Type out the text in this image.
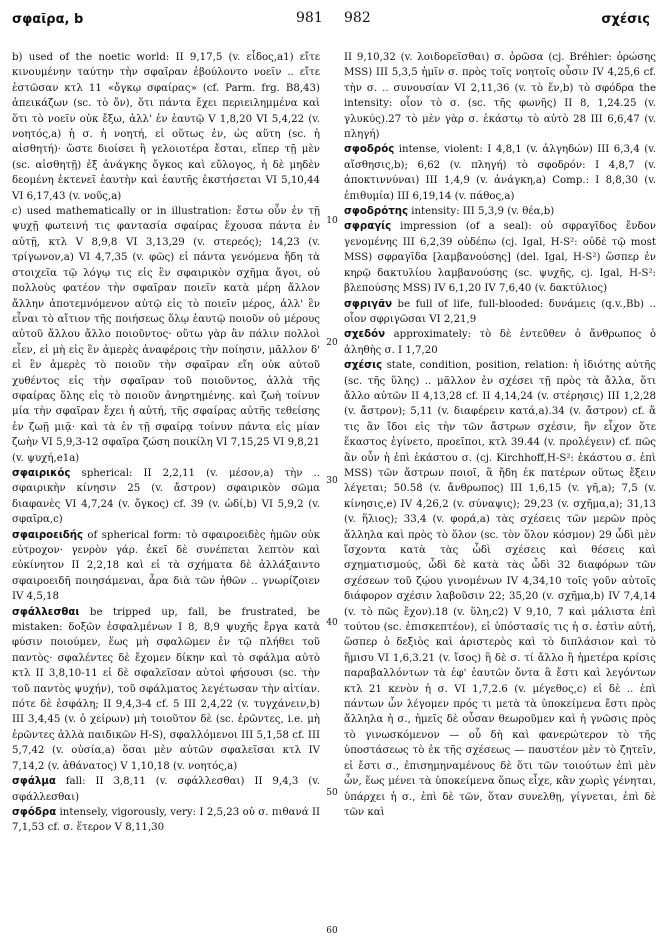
σφαῖρα, b	981 982	σχέσις
10
20
30
40
50
60

b) used of the noetic world: II 9,17,5 (v. εἶδος,a1) εἴτε κινουμένην ταύτην τὴν σφαῖραν ἐβούλοντο νοεῖν .. εἴτε ἑστῶσαν κτλ 11 «ὄγκῳ σφαίρας» (cf. Parm. frg. B8,43) ἀπεικάζων (sc. τὸ ὄν), ὅτι πάντα ἔχει περιειλημμένα καὶ ὅτι τὸ νοεῖν οὐκ ἔξω, ἀλλ' ἐν ἑαυτῷ V 1,8,20 VI 5,4,22 (v. νοητός,a) ἡ σ. ἡ νοητή, εἰ οὕτως ἐν, ὡς αὕτη (sc. ἡ αἰσθητή)· ὥστε διοίσει ἢ γελοιοτέρα ἔσται, εἴπερ τῇ μὲν (sc. αἰσθητῇ) ἐξ ἀνάγκης ὄγκος καὶ εὔλογος, ἡ δὲ μηδὲν δεομένη ἐκτενεῖ ἑαυτὴν καὶ ἑαυτῆς ἐκστήσεται VI 5,10,44 VI 6,17,43 (v. νοῦς,a)

c) used mathematically or in illustration: ἔστω οὖν ἐν τῇ ψυχῇ φωτεινή τις φαντασία σφαίρας ἔχουσα πάντα ἐν αὐτῇ, κτλ V 8,9,8 VI 3,13,29 (v. στερεός); 14,23 (v. τρίγωνον,a) VI 4,7,35 (v. φῶς) εἰ πάντα γενόμενα ἤδη τὰ στοιχεῖα τῷ λόγῳ τις εἰς ἓν σφαιρικὸν σχῆμα ἄγοι, οὐ πολλοὺς φατέον τὴν σφαῖραν ποιεῖν κατὰ μέρη ἄλλον ἄλλην ἀποτεμνόμενον αὐτῷ εἰς τὸ ποιεῖν μέρος, ἀλλ' ἓν εἶναι τὸ αἴτιον τῆς ποιήσεως ὅλῳ ἑαυτῷ ποιοῦν οὐ μέρους αὐτοῦ ἄλλου ἄλλο ποιοῦντος· οὕτω γὰρ ἂν πάλιν πολλοὶ εἶεν, εἰ μὴ εἰς ἓν ἀμερὲς ἀναφέροις τὴν ποίησιν, μᾶλλον δ' εἰ ἓν ἀμερὲς τὸ ποιοῦν τὴν σφαῖραν εἴη οὐκ αὐτοῦ χυθέντος εἰς τὴν σφαῖραν τοῦ ποιοῦντος, ἀλλὰ τῆς σφαίρας ὅλης εἰς τὸ ποιοῦν ἀνηρτημένης. καὶ ζωὴ τοίνυν μία τὴν σφαῖραν ἔχει ἡ αὐτή, τῆς σφαίρας αὐτῆς τεθείσης ἐν ζωῇ μιᾷ· καὶ τὰ ἐν τῇ σφαίρᾳ τοίνυν πάντα εἰς μίαν ζωὴν VI 5,9,3-12 σφαῖρα ζώση ποικίλη VI 7,15,25 VI 9,8,21 (v. ψυχή,e1a)

σφαιρικός spherical: II 2,2,11 (v. μέσον,a) τὴν .. σφαιρικὴν κίνησιν 25 (v. ἄστρον) σφαιρικὸν σῶμα διαφανὲς VI 4,7,24 (v. ὄγκος) cf. 39 (v. ὠδί,b) VI 5,9,2 (v. σφαῖρα,c)

σφαιροειδής of spherical form: τὸ σφαιροειδὲς ἡμῶν οὐκ εὐτροχον· γενρὸν γάρ. ἐκεῖ δὲ συνέπεται λεπτὸν καὶ εὐκίνητον II 2,2,18 καὶ εἰ τὰ σχήματα δὲ ἀλλάξαιντο σφαιροειδῆ ποιησάμεναι, ἆρα διὰ τῶν ἠθῶν .. γνωρίζοιεν IV 4,5,18

σφάλλεσθαι be tripped up, fall, be frustrated, be mistaken: δοξῶν ἐσφαλμένων I 8, 8,9 ψυχῆς ἔργα κατὰ φύσιν ποιούμεν, ἕως μὴ σφαλῶμεν ἐν τῷ πλήθει τοῦ παντὸς· σφαλέντες δὲ ἔχομεν δίκην καὶ τὸ σφάλμα αὐτὸ κτλ II 3,8,10-11 εἰ δὲ σφαλεῖσαν αὐτοὶ φήσουσι (sc. τὴν τοῦ παντὸς ψυχήν), τοῦ σφάλματος λεγέτωσαν τὴν αἰτίαν. πότε δὲ ἐσφάλη; II 9,4,3-4 cf. 5 III 2,4,22 (v. τυγχάνειν,b) III 3,4,45 (v. ὁ χείρων) μὴ τοιοῦτον δὲ (sc. ἐρῶντες, i.e. μὴ ἐρῶντες ἀλλὰ παιδικῶν H-S), σφαλλόμενοι III 5,1,58 cf. III 5,7,42 (v. οὐσία,a) ὅσαι μὲν αὐτῶν σφαλεῖσαι κτλ IV 7,14,2 (v. ἀθάνατος) V 1,10,18 (v. νοητός,a)

σφάλμα fall: II 3,8,11 (v. σφάλλεσθαι) II 9,4,3 (v. σφάλλεσθαι)

σφόδρα intensely, vigorously, very: I 2,5,23 οὐ σ. πιθανά II 7,1,53 cf. σ. ἕτερον V 8,11,30

II 9,10,32 (v. λοιδορεῖσθαι) σ. ὁρῶσα (cj. Bréhier: ὁρώσης MSS) III 5,3,5 ἡμῖν σ. πρὸς τοῖς νοητοῖς οὖσιν IV 4,25,6 cf. τὴν σ. .. συνουσίαν VI 2,11,36 (v. τὸ ἕν,b) τὸ σφόδρα the intensity: οἷον τὸ σ. (sc. τῆς φωνῆς) II 8, 1,24.25 (v. γλυκύς).27 τὸ μὲν γὰρ σ. ἑκάστῳ τὸ αὐτὸ 28 III 6,6,47 (v. πληγή)

σφοδρός intense, violent: I 4,8,1 (v. ἀλγηδών) III 6,3,4 (v. αἴσθησις,b); 6,62 (v. πληγή) τὸ σφοδρόν: I 4,8,7 (v. ἀποκτιννύναι) III 1,4,9 (v. ἀνάγκη,a) Comp.: I 8,8,30 (v. ἐπιθυμία) III 6,19,14 (v. πάθος,a)

σφοδρότης intensity: III 5,3,9 (v. θέα,b)

σφραγίς impression (of a seal): οὐ σφραγῖδος ἔνδον γενομένης III 6,2,39 οὐδέπω (cj. Igal, H-S²: οὐδὲ τῷ most MSS) σφραγῖδα [λαμβανούσης] (del. Igal, H-S²) ὥσπερ ἐν κηρῷ δακτυλίου λαμβανούσης (sc. ψυχῆς, cj. Igal, H-S²: βλεπούσης MSS) IV 6,1,20 IV 7,6,40 (v. δακτύλιος)

σφριγᾶν be full of life, full-blooded: δυνάμεις (q.v.,Bb) .. οἷον σφριγῶσαι VI 2,21,9

σχεδόν approximately: τὸ δὲ ἐντεῦθεν ὁ ἄνθρωπος ὁ ἀληθὴς σ. I 1,7,20

σχέσις state, condition, position, relation: ἡ ἰδιότης αὐτῆς (sc. τῆς ὕλης) .. μᾶλλον ἐν σχέσει τῇ πρὸς τὰ ἄλλα, ὅτι ἄλλο αὐτῶν II 4,13,28 cf. II 4,14,24 (v. στέρησις) III 1,2,28 (v. ἄστρον); 5,11 (v. διαφέρειν κατά,a).34 (v. ἄστρον) cf. ἅ τις ἂν ἴδοι εἰς τὴν τῶν ἄστρων σχέσιν, ἣν εἶχον ὅτε ἕκαστος ἐγίνετο, προεῖποι, κτλ 39.44 (v. προλέγειν) cf. πῶς ἂν οὖν ἡ ἐπὶ ἑκάστου σ. (cj. Kirchhoff,H-S²: ἑκάστου σ. ἐπὶ MSS) τῶν ἄστρων ποιοῖ, ἃ ἤδη ἐκ πατέρων οὕτως ἔξειν λέγεται; 50.58 (v. ἄνθρωπος) III 1,6,15 (v. γῆ,a); 7,5 (v. κίνησις,e) IV 4,26,2 (v. σύναψις); 29,23 (v. σχῆμα,a); 31,13 (v. ἥλιος); 33,4 (v. φορά,a) τὰς σχέσεις τῶν μερῶν πρὸς ἄλληλα καὶ πρὸς τὸ ὅλον (sc. τὸν ὅλον κόσμον) 29 ὧδὶ μὲν ἴσχοντα κατὰ τὰς ὧδὶ σχέσεις καὶ θέσεις καὶ σχηματισμούς, ὧδὶ δὲ κατὰ τὰς ὧδὶ 32 διαφόρων τῶν σχέσεων τοῦ ζῴου γινομένων IV 4,34,10 τοῖς γοῦν αὐτοῖς διάφορον σχέσιν λαβοῦσιν 22; 35,20 (v. σχῆμα,b) IV 7,4,14 (v. τὸ πῶς ἔχον).18 (v. ὕλη,c2) V 9,10, 7 καὶ μάλιστα ἐπὶ τούτου (sc. ἐπισκεπτέον), εἰ ὑπόστασίς τις ἡ σ. ἐστὶν αὐτή, ὥσπερ ὁ δεξιὸς καὶ ἀριστερὸς καὶ τὸ διπλάσιον καὶ τὸ ἥμισυ VI 1,6,3.21 (v. ἴσος) ἢ δὲ σ. τί ἄλλο ἢ ἡμετέρα κρίσις παραβαλλόντων τὰ ἐφ' ἑαυτῶν ὄντα ἃ ἔστι καὶ λεγόντων κτλ 21 κενὸν ἡ σ. VI 1,7,2.6 (v. μέγεθος,c) εἰ δὲ .. ἐπὶ πάντων ὧν λέγομεν πρός τι μετὰ τὰ ὑποκείμενα ἔστι πρὸς ἄλληλα ἡ σ., ἡμεῖς δὲ οὖσαν θεωροῦμεν καὶ ἡ γνῶσις πρὸς τὸ γινωσκόμενον — οὗ δὴ καὶ φανερώτερον τὸ τῆς ὑποστάσεως τὸ ἐκ τῆς σχέσεως — παυστέον μὲν τὸ ζητεῖν, εἰ ἔστι σ., ἐπισημηναμένους δὲ ὅτι τῶν τοιούτων ἐπὶ μὲν ὧν, ἕως μένει τὰ ὑποκείμενα ὅπως εἶχε, κἂν χωρὶς γένηται, ὑπάρχει ἡ σ., ἐπὶ δὲ τῶν, ὅταν συνελθῃ, γίγνεται, ἐπὶ δὲ τῶν καὶ
